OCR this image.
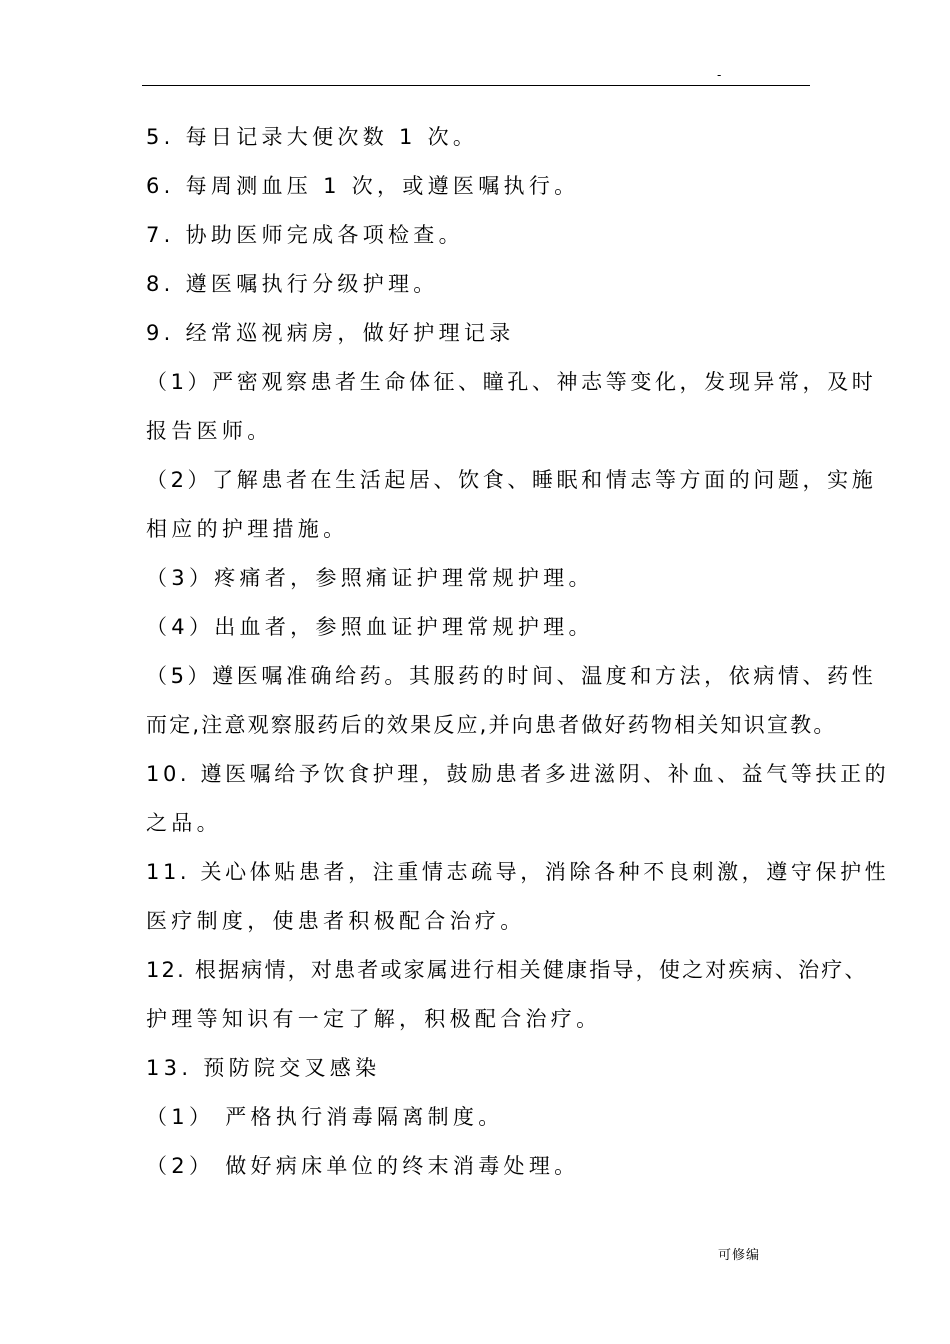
-
5. 每日记录大便次数 1 次。
6. 每周测血压 1 次，或遵医嘱执行。
7. 协助医师完成各项检查。
8. 遵医嘱执行分级护理。
9. 经常巡视病房，做好护理记录
（1）严密观察患者生命体征、瞳孔、神志等变化，发现异常，及时
报告医师。
（2）了解患者在生活起居、饮食、睡眠和情志等方面的问题，实施
相应的护理措施。
（3）疼痛者，参照痛证护理常规护理。
（4）出血者，参照血证护理常规护理。
（5）遵医嘱准确给药。其服药的时间、温度和方法，依病情、药性
而定,注意观察服药后的效果反应,并向患者做好药物相关知识宣教。
10. 遵医嘱给予饮食护理，鼓励患者多进滋阴、补血、益气等扶正的
之品。
11. 关心体贴患者，注重情志疏导，消除各种不良刺激，遵守保护性
医疗制度，使患者积极配合治疗。
12. 根据病情，对患者或家属进行相关健康指导，使之对疾病、治疗、
护理等知识有一定了解，积极配合治疗。
13. 预防院交叉感染
（1） 严格执行消毒隔离制度。
（2） 做好病床单位的终末消毒处理。
可修编
